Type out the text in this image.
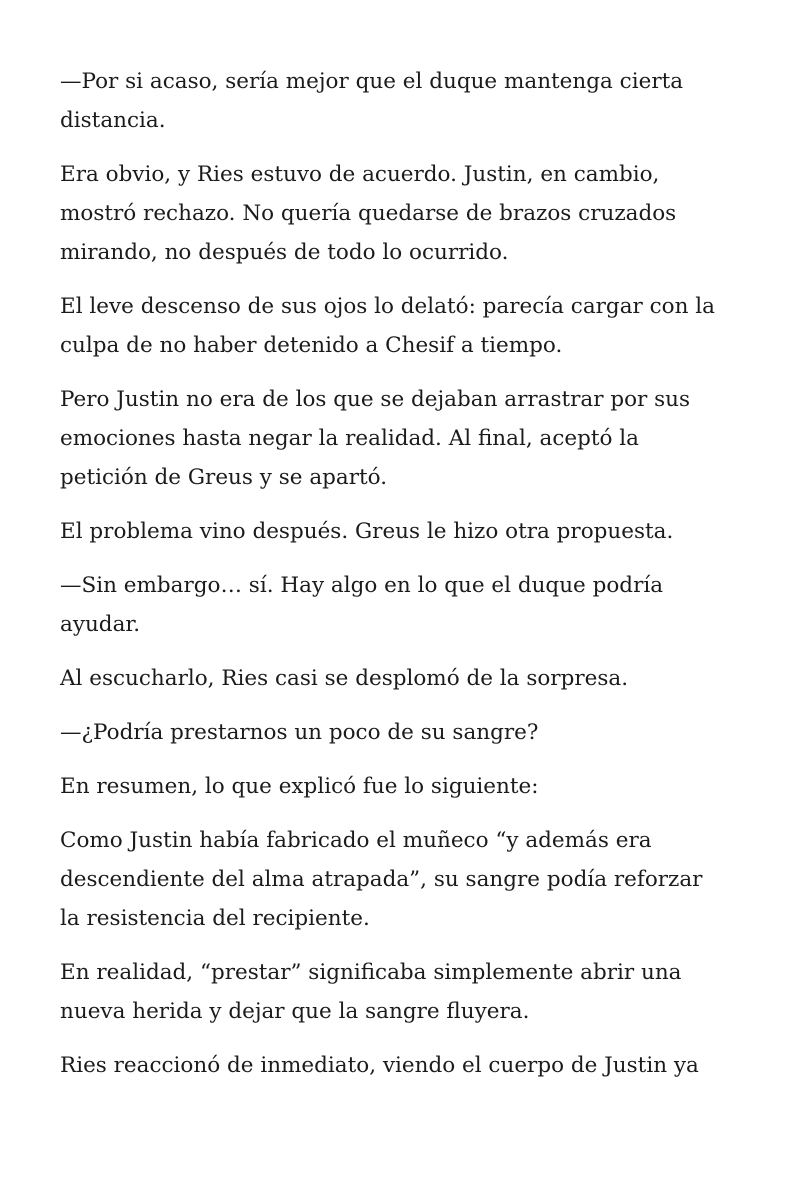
—Por si acaso, sería mejor que el duque mantenga cierta
distancia.

Era obvio, y Ries estuvo de acuerdo. Justin, en cambio,
mostró rechazo. No quería quedarse de brazos cruzados
mirando, no después de todo lo ocurrido.

El leve descenso de sus ojos lo delató: parecía cargar con la
culpa de no haber detenido a Chesif a tiempo.

Pero Justin no era de los que se dejaban arrastrar por sus
emociones hasta negar la realidad. Al final, aceptó la
petición de Greus y se apartó.

El problema vino después. Greus le hizo otra propuesta.

—Sin embargo… sí. Hay algo en lo que el duque podría
ayudar.

Al escucharlo, Ries casi se desplomó de la sorpresa.

—¿Podría prestarnos un poco de su sangre?

En resumen, lo que explicó fue lo siguiente:

Como Justin había fabricado el muñeco “y además era
descendiente del alma atrapada”, su sangre podía reforzar
la resistencia del recipiente.

En realidad, “prestar” significaba simplemente abrir una
nueva herida y dejar que la sangre fluyera.

Ries reaccionó de inmediato, viendo el cuerpo de Justin ya
